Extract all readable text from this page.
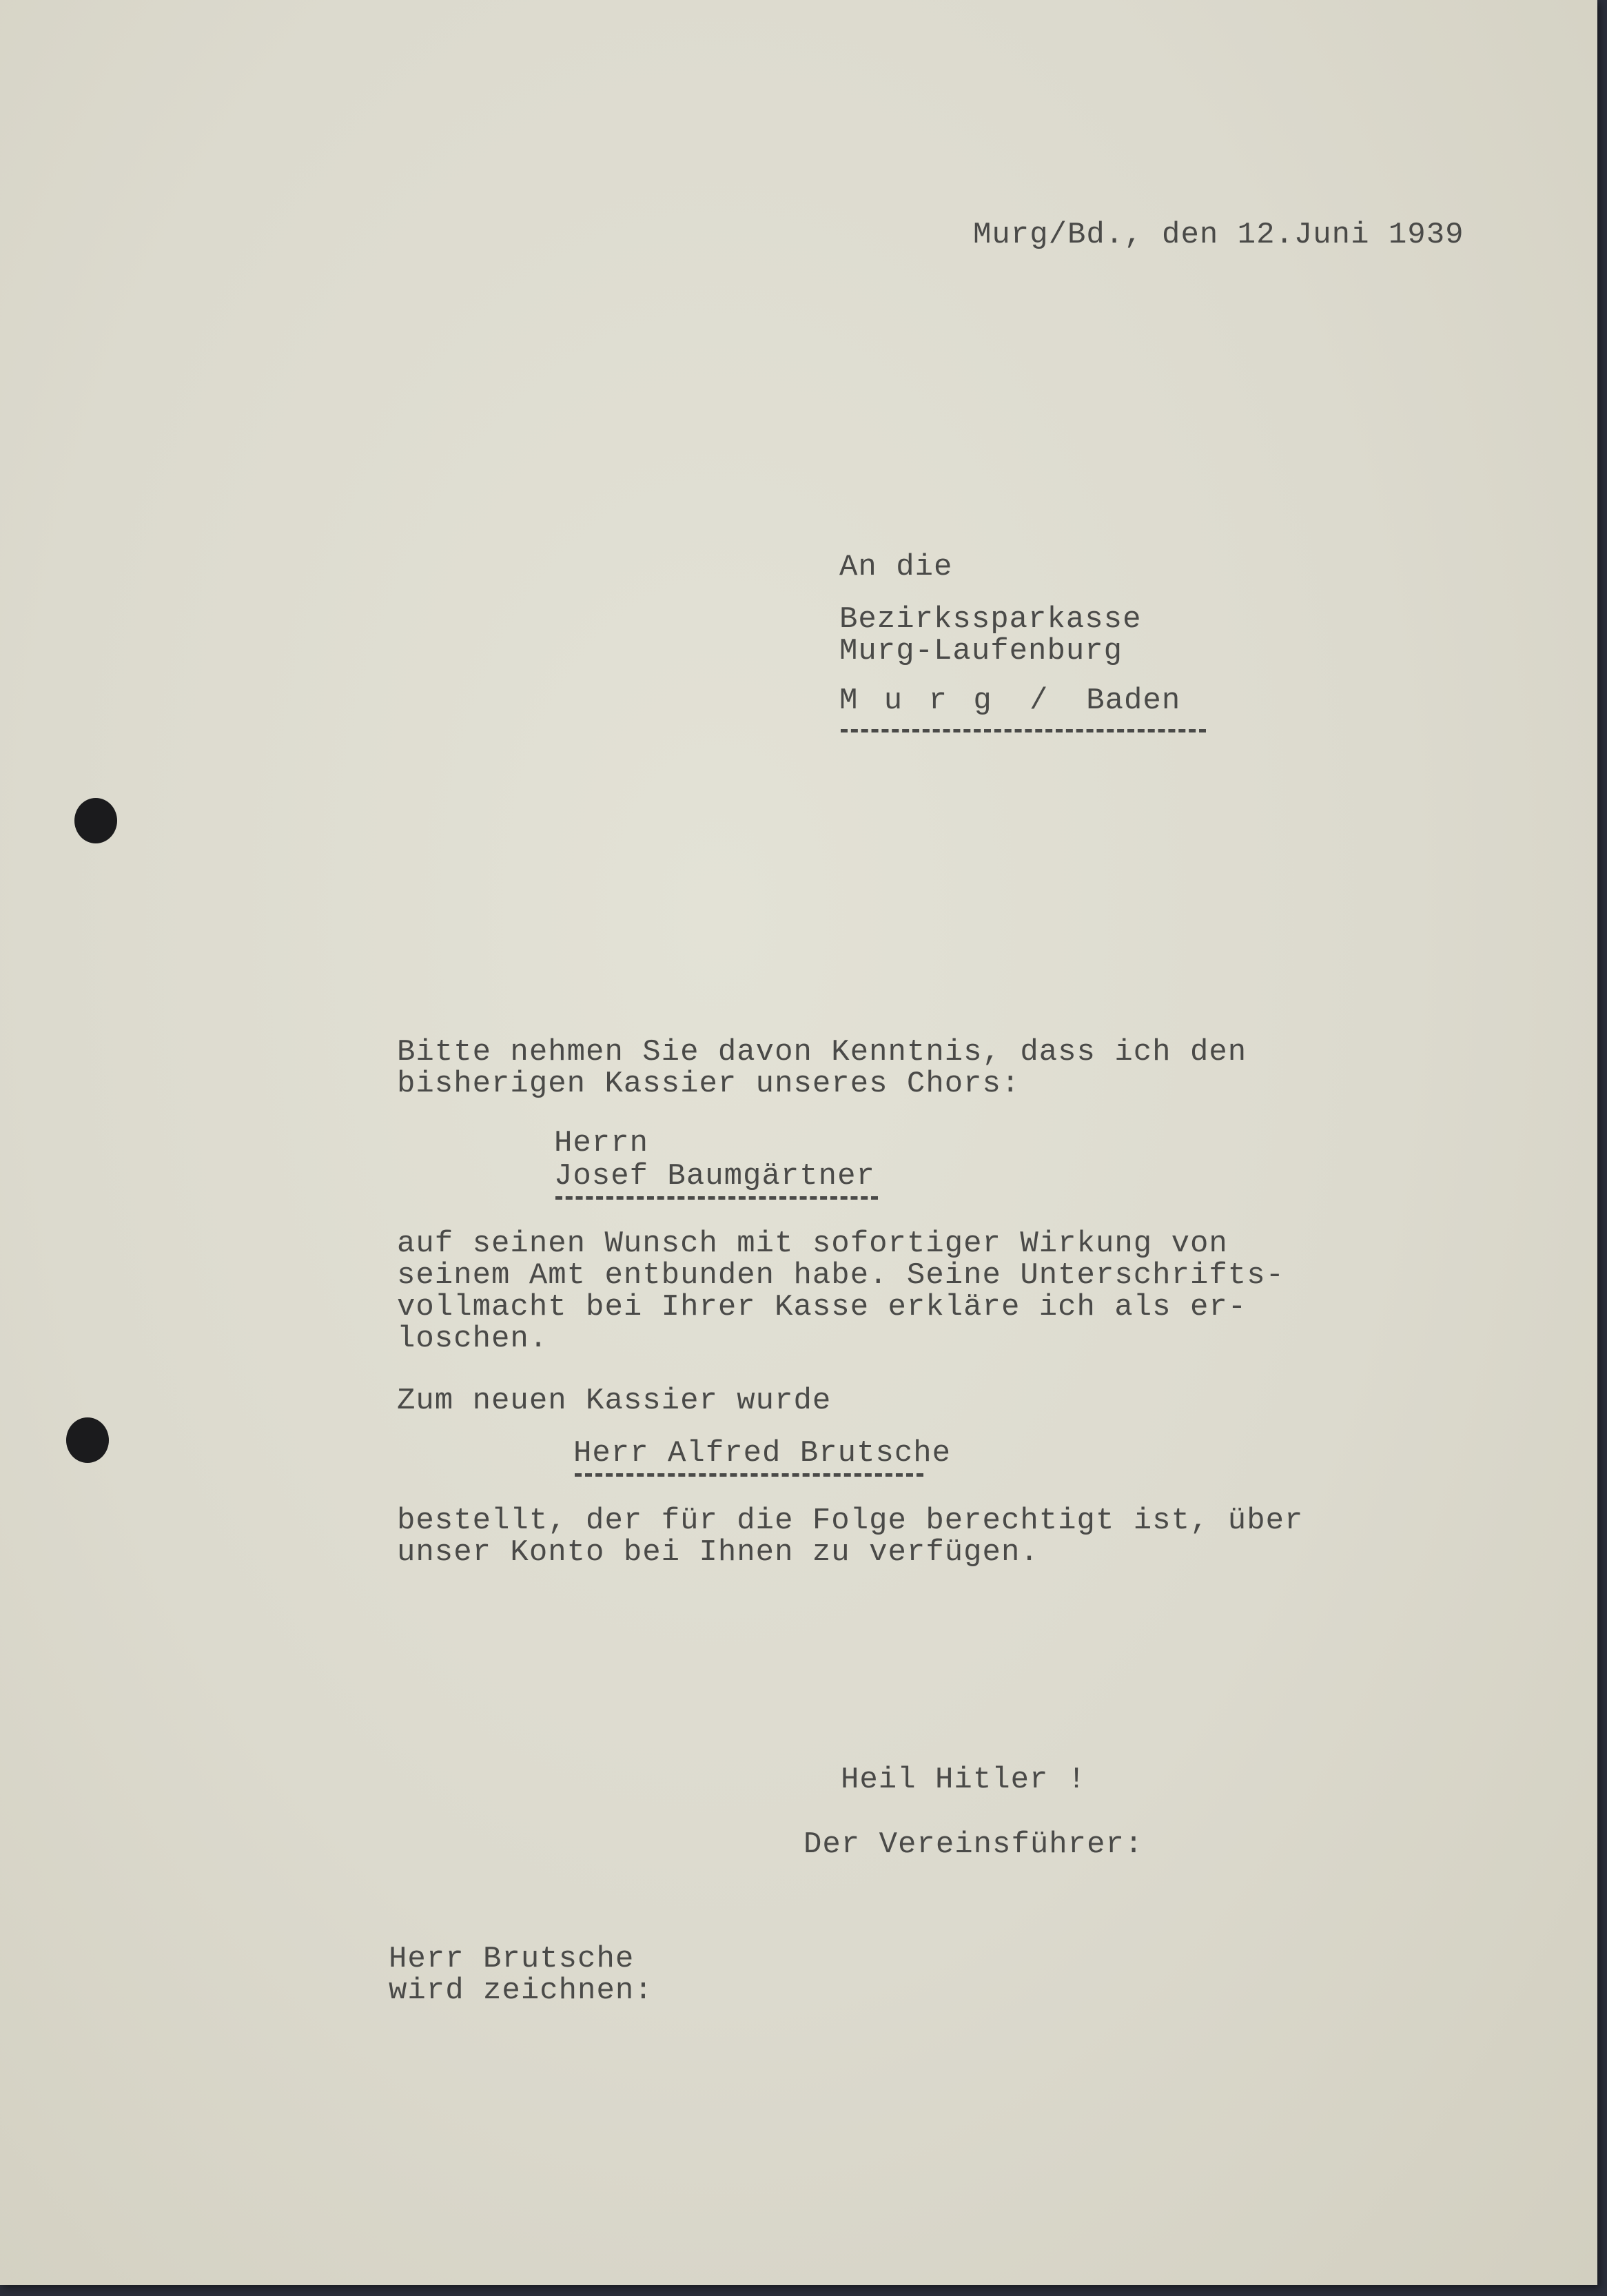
Murg/Bd., den 12.Juni 1939

An die

Bezirkssparkasse

Murg-Laufenburg

M u r g /  Baden

Bitte nehmen Sie davon Kenntnis, dass ich den

bisherigen Kassier unseres Chors:

Herrn

Josef Baumgärtner

auf seinen Wunsch mit sofortiger Wirkung von

seinem Amt entbunden habe. Seine Unterschrifts-

vollmacht bei Ihrer Kasse erkläre ich als er-

loschen.

Zum neuen Kassier wurde

Herr Alfred Brutsche

bestellt, der für die Folge berechtigt ist, über

unser Konto bei Ihnen zu verfügen.

Heil Hitler !

Der Vereinsführer:

Herr Brutsche

wird zeichnen:
